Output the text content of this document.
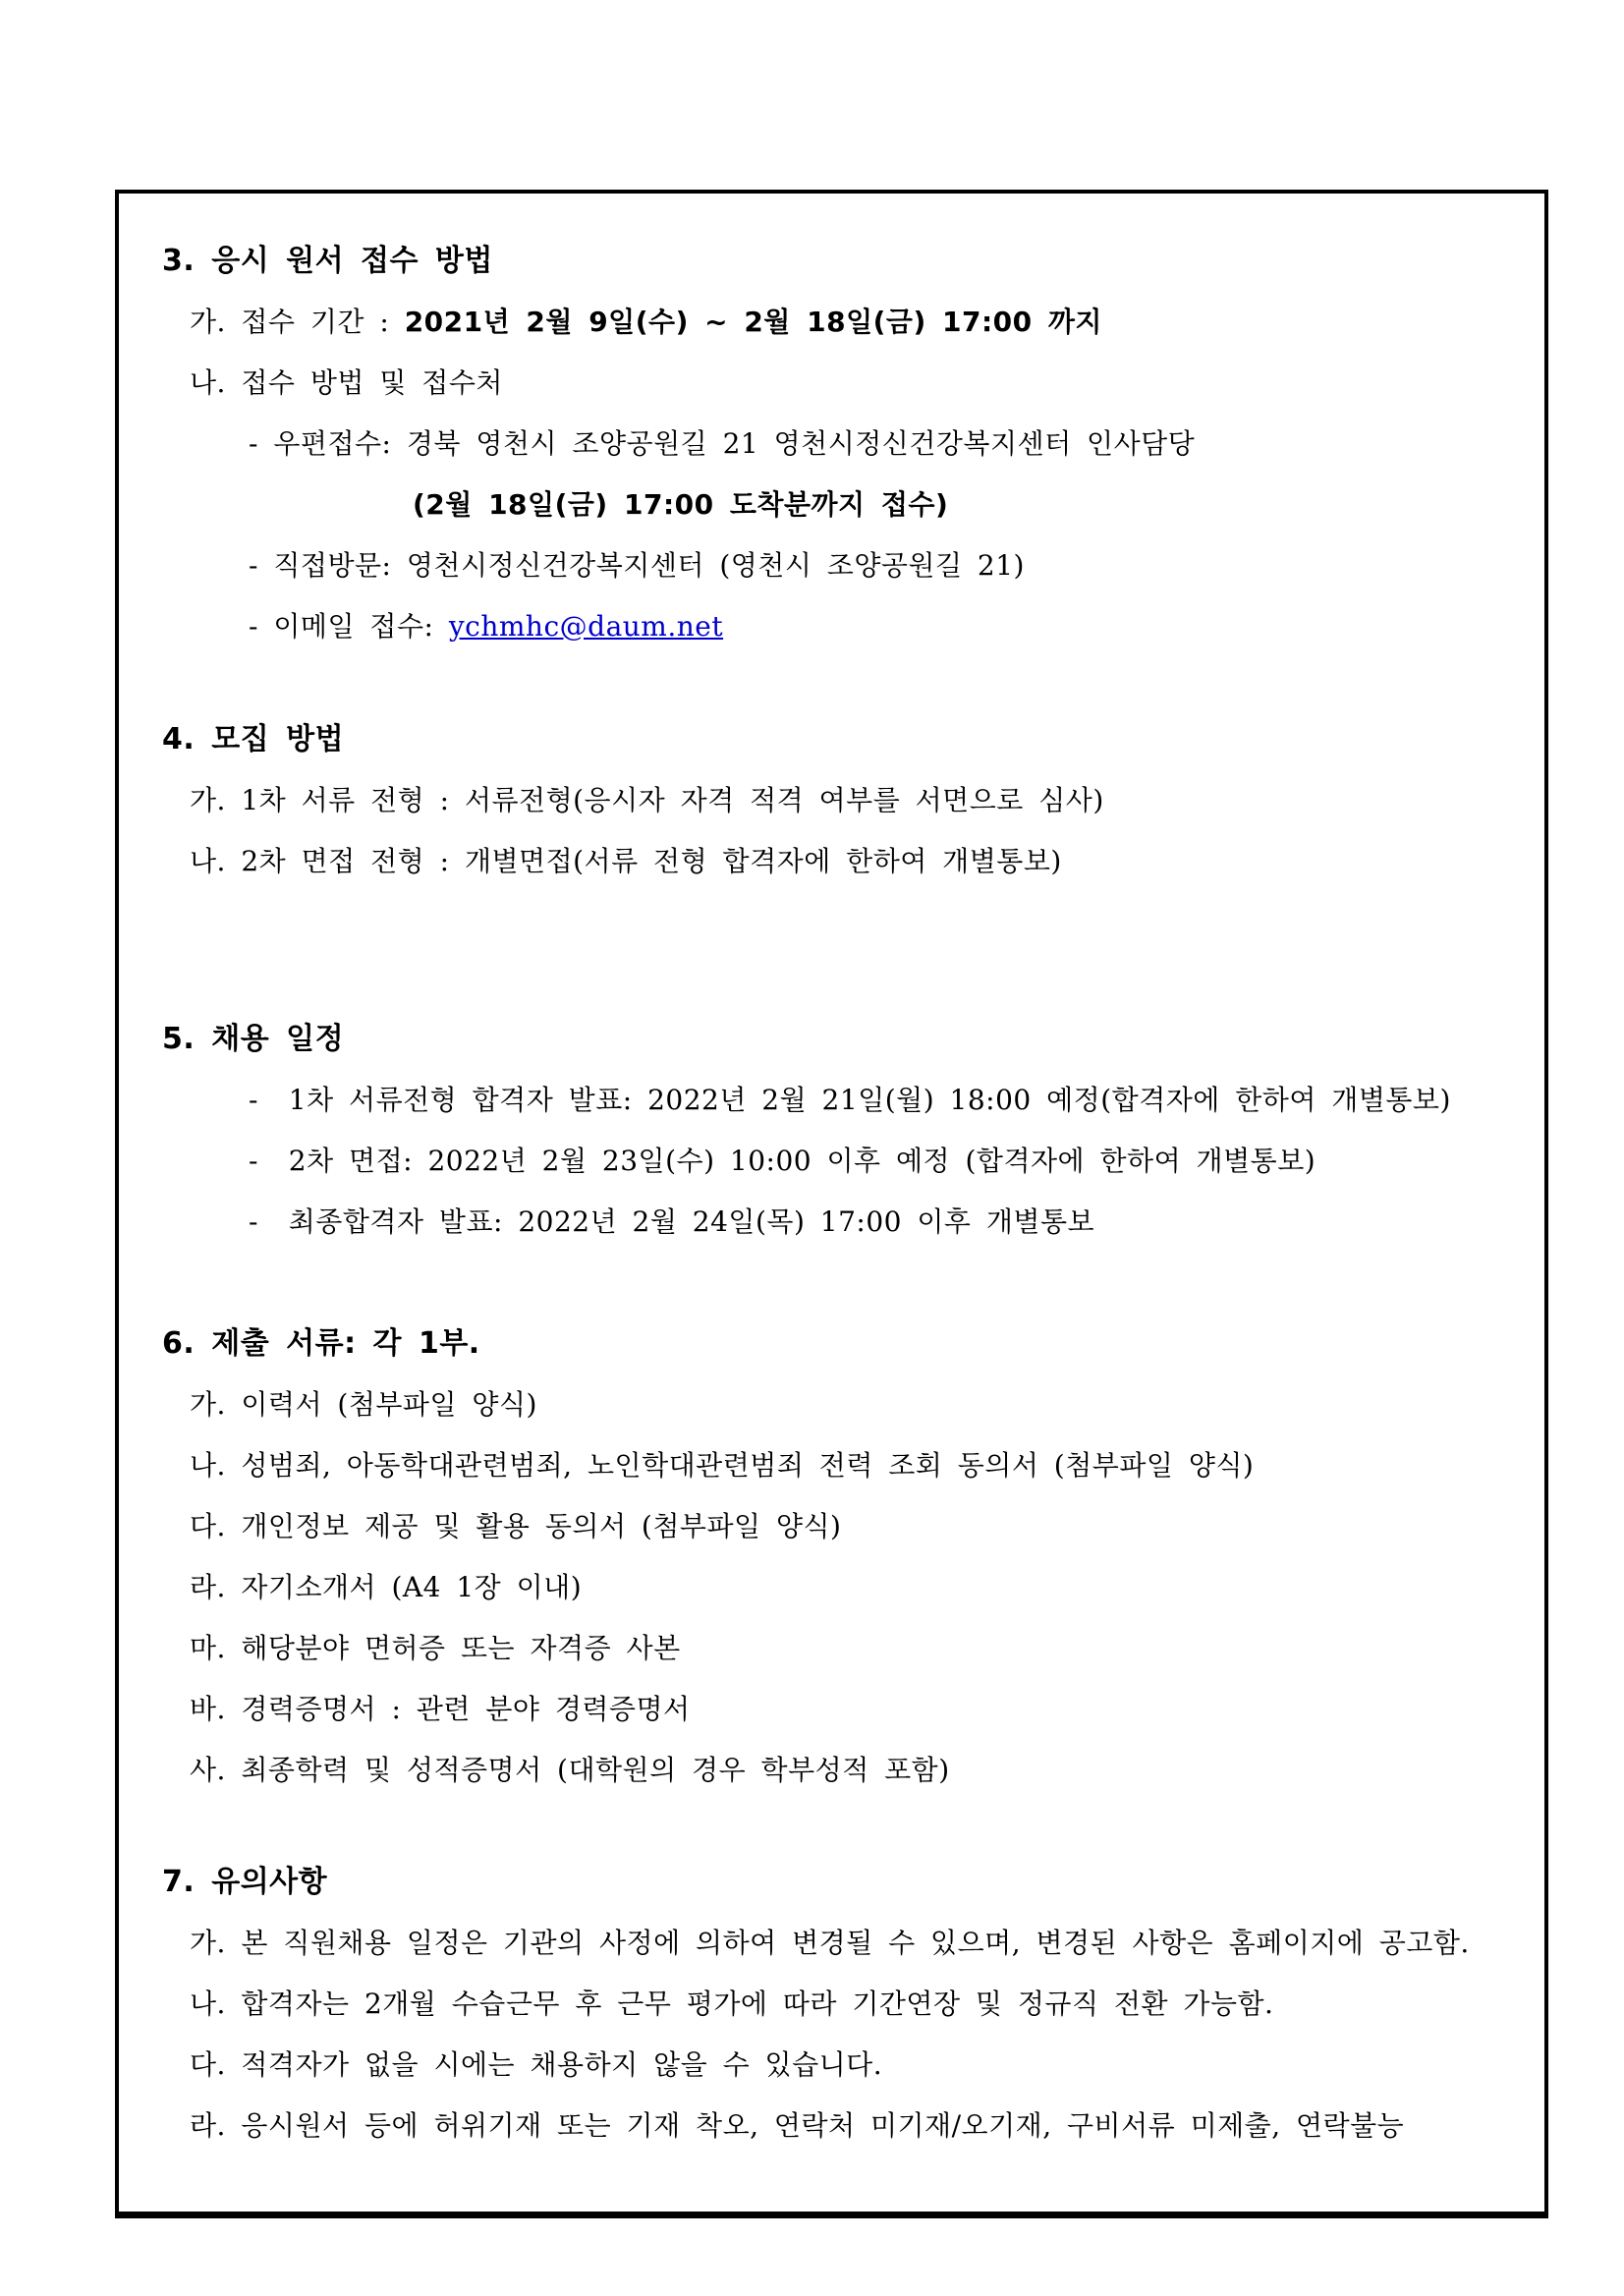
3. 응시 원서 접수 방법
가. 접수 기간 : 2021년 2월 9일(수) ~ 2월 18일(금) 17:00 까지
나. 접수 방법 및 접수처
- 우편접수: 경북 영천시 조양공원길 21 영천시정신건강복지센터 인사담당
(2월 18일(금) 17:00 도착분까지 접수)
- 직접방문: 영천시정신건강복지센터 (영천시 조양공원길 21)
- 이메일 접수: ychmhc@daum.net
4. 모집 방법
가. 1차 서류 전형 : 서류전형(응시자 자격 적격 여부를 서면으로 심사)
나. 2차 면접 전형 : 개별면접(서류 전형 합격자에 한하여 개별통보)
5. 채용 일정
-  1차 서류전형 합격자 발표: 2022년 2월 21일(월) 18:00 예정(합격자에 한하여 개별통보)
-  2차 면접: 2022년 2월 23일(수) 10:00 이후 예정 (합격자에 한하여 개별통보)
-  최종합격자 발표: 2022년 2월 24일(목) 17:00 이후 개별통보
6. 제출 서류: 각 1부.
가. 이력서 (첨부파일 양식)
나. 성범죄, 아동학대관련범죄, 노인학대관련범죄 전력 조회 동의서 (첨부파일 양식)
다. 개인정보 제공 및 활용 동의서 (첨부파일 양식)
라. 자기소개서 (A4 1장 이내)
마. 해당분야 면허증 또는 자격증 사본
바. 경력증명서 : 관련 분야 경력증명서
사. 최종학력 및 성적증명서 (대학원의 경우 학부성적 포함)
7. 유의사항
가. 본 직원채용 일정은 기관의 사정에 의하여 변경될 수 있으며, 변경된 사항은 홈페이지에 공고함.
나. 합격자는 2개월 수습근무 후 근무 평가에 따라 기간연장 및 정규직 전환 가능함.
다. 적격자가 없을 시에는 채용하지 않을 수 있습니다.
라. 응시원서 등에 허위기재 또는 기재 착오, 연락처 미기재/오기재, 구비서류 미제출, 연락불능
